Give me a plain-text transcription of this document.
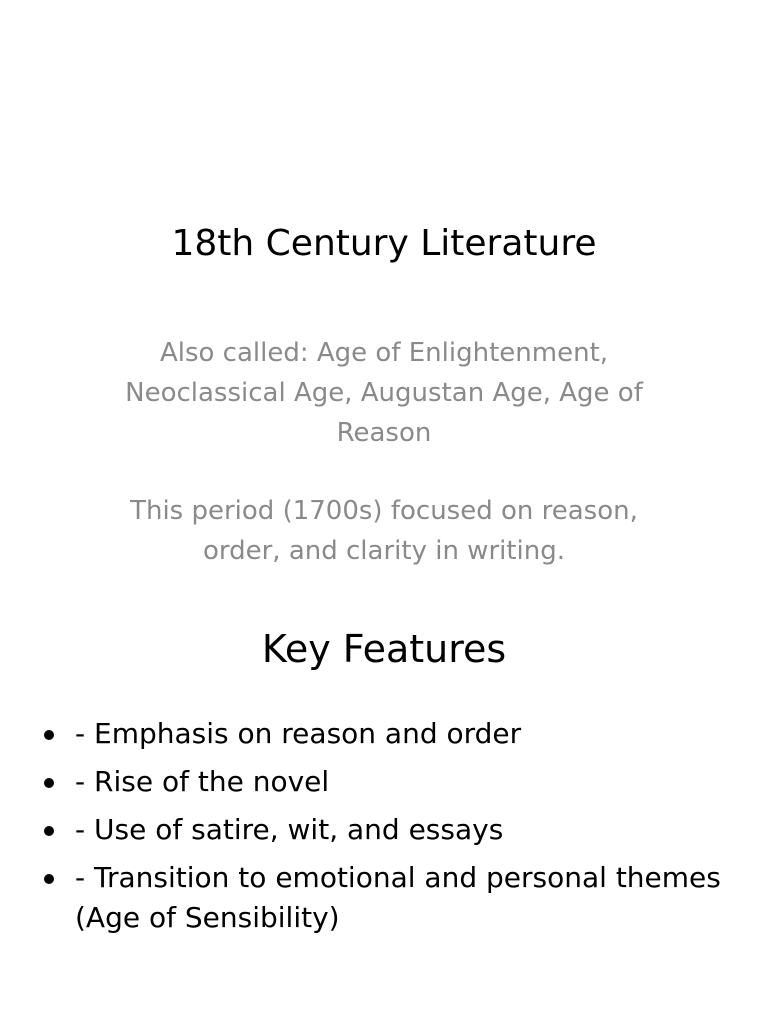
18th Century Literature

Also called: Age of Enlightenment, Neoclassical Age, Augustan Age, Age of Reason

This period (1700s) focused on reason, order, and clarity in writing.

Key Features
- Emphasis on reason and order
- Rise of the novel
- Use of satire, wit, and essays
- Transition to emotional and personal themes (Age of Sensibility)
